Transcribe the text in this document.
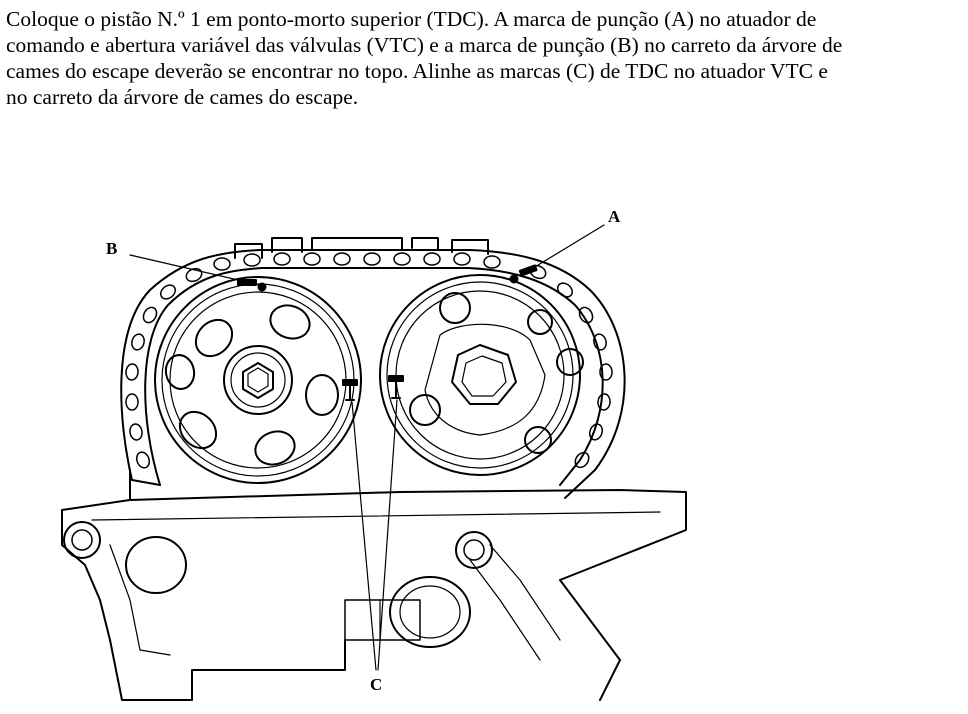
Coloque o pistão N.º 1 em ponto-morto superior (TDC). A marca de punção (A) no atuador de

comando e abertura variável das válvulas (VTC) e a marca de punção (B) no carreto da árvore de

cames do escape deverão se encontrar no topo. Alinhe as marcas (C) de TDC no atuador VTC e

no carreto da árvore de cames do escape.

A
B
C
